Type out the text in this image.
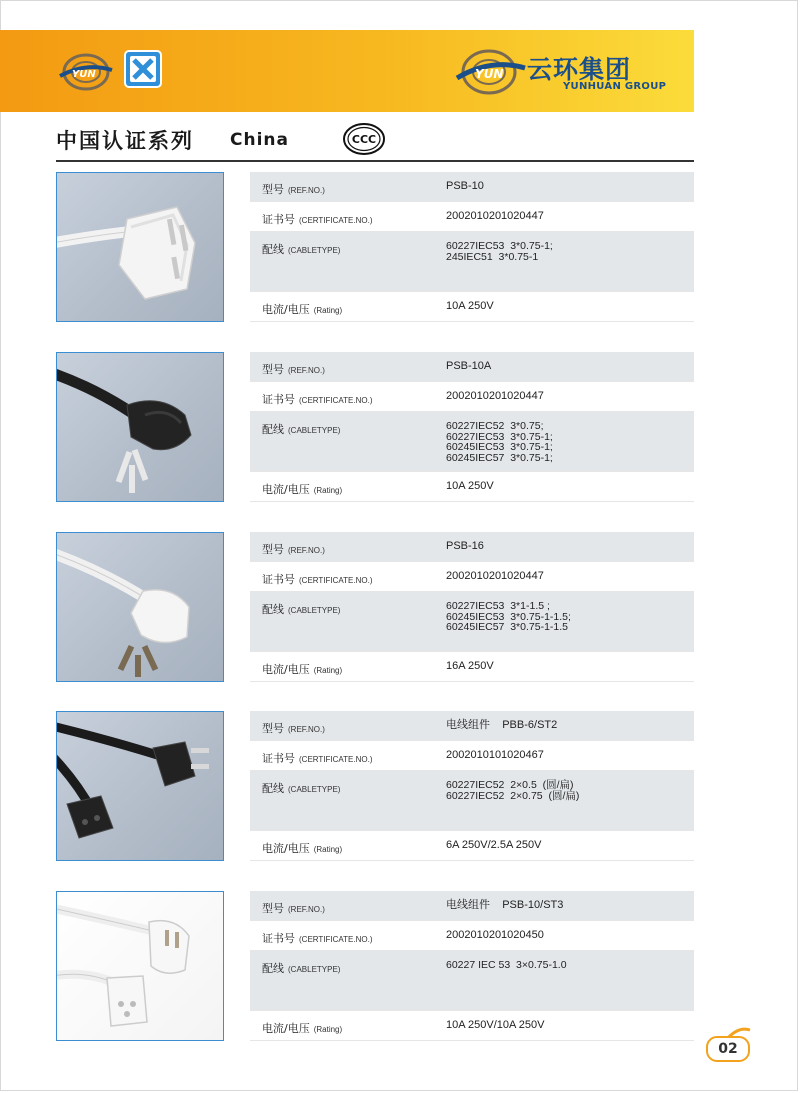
YUN	YUN 云环集团
YUNHUAN GROUP
中国认证系列 China	CCC
型号 (REF.NO.)	PSB-10
证书号 (CERTIFICATE.NO.)	2002010201020447
配线 (CABLETYPE)	60227IEC53  3*0.75-1;
245IEC51  3*0.75-1
电流/电压 (Rating)	10A 250V
型号 (REF.NO.)	PSB-10A
证书号 (CERTIFICATE.NO.)	2002010201020447
配线 (CABLETYPE)	60227IEC52  3*0.75;
60227IEC53  3*0.75-1;
60245IEC53  3*0.75-1;
60245IEC57  3*0.75-1;
电流/电压 (Rating)	10A 250V
型号 (REF.NO.)	PSB-16
证书号 (CERTIFICATE.NO.)	2002010201020447
配线 (CABLETYPE)	60227IEC53  3*1-1.5 ;
60245IEC53  3*0.75-1-1.5;
60245IEC57  3*0.75-1-1.5
电流/电压 (Rating)	16A 250V
型号 (REF.NO.)	电线组件    PBB-6/ST2
证书号 (CERTIFICATE.NO.)	2002010101020467
配线 (CABLETYPE)	60227IEC52  2×0.5  (圆/扁)
60227IEC52  2×0.75  (圆/扁)
电流/电压 (Rating)	6A 250V/2.5A 250V
型号 (REF.NO.)	电线组件    PSB-10/ST3
证书号 (CERTIFICATE.NO.)	2002010201020450
配线 (CABLETYPE)	60227 IEC 53  3×0.75-1.0
电流/电压 (Rating)	10A 250V/10A 250V
02
